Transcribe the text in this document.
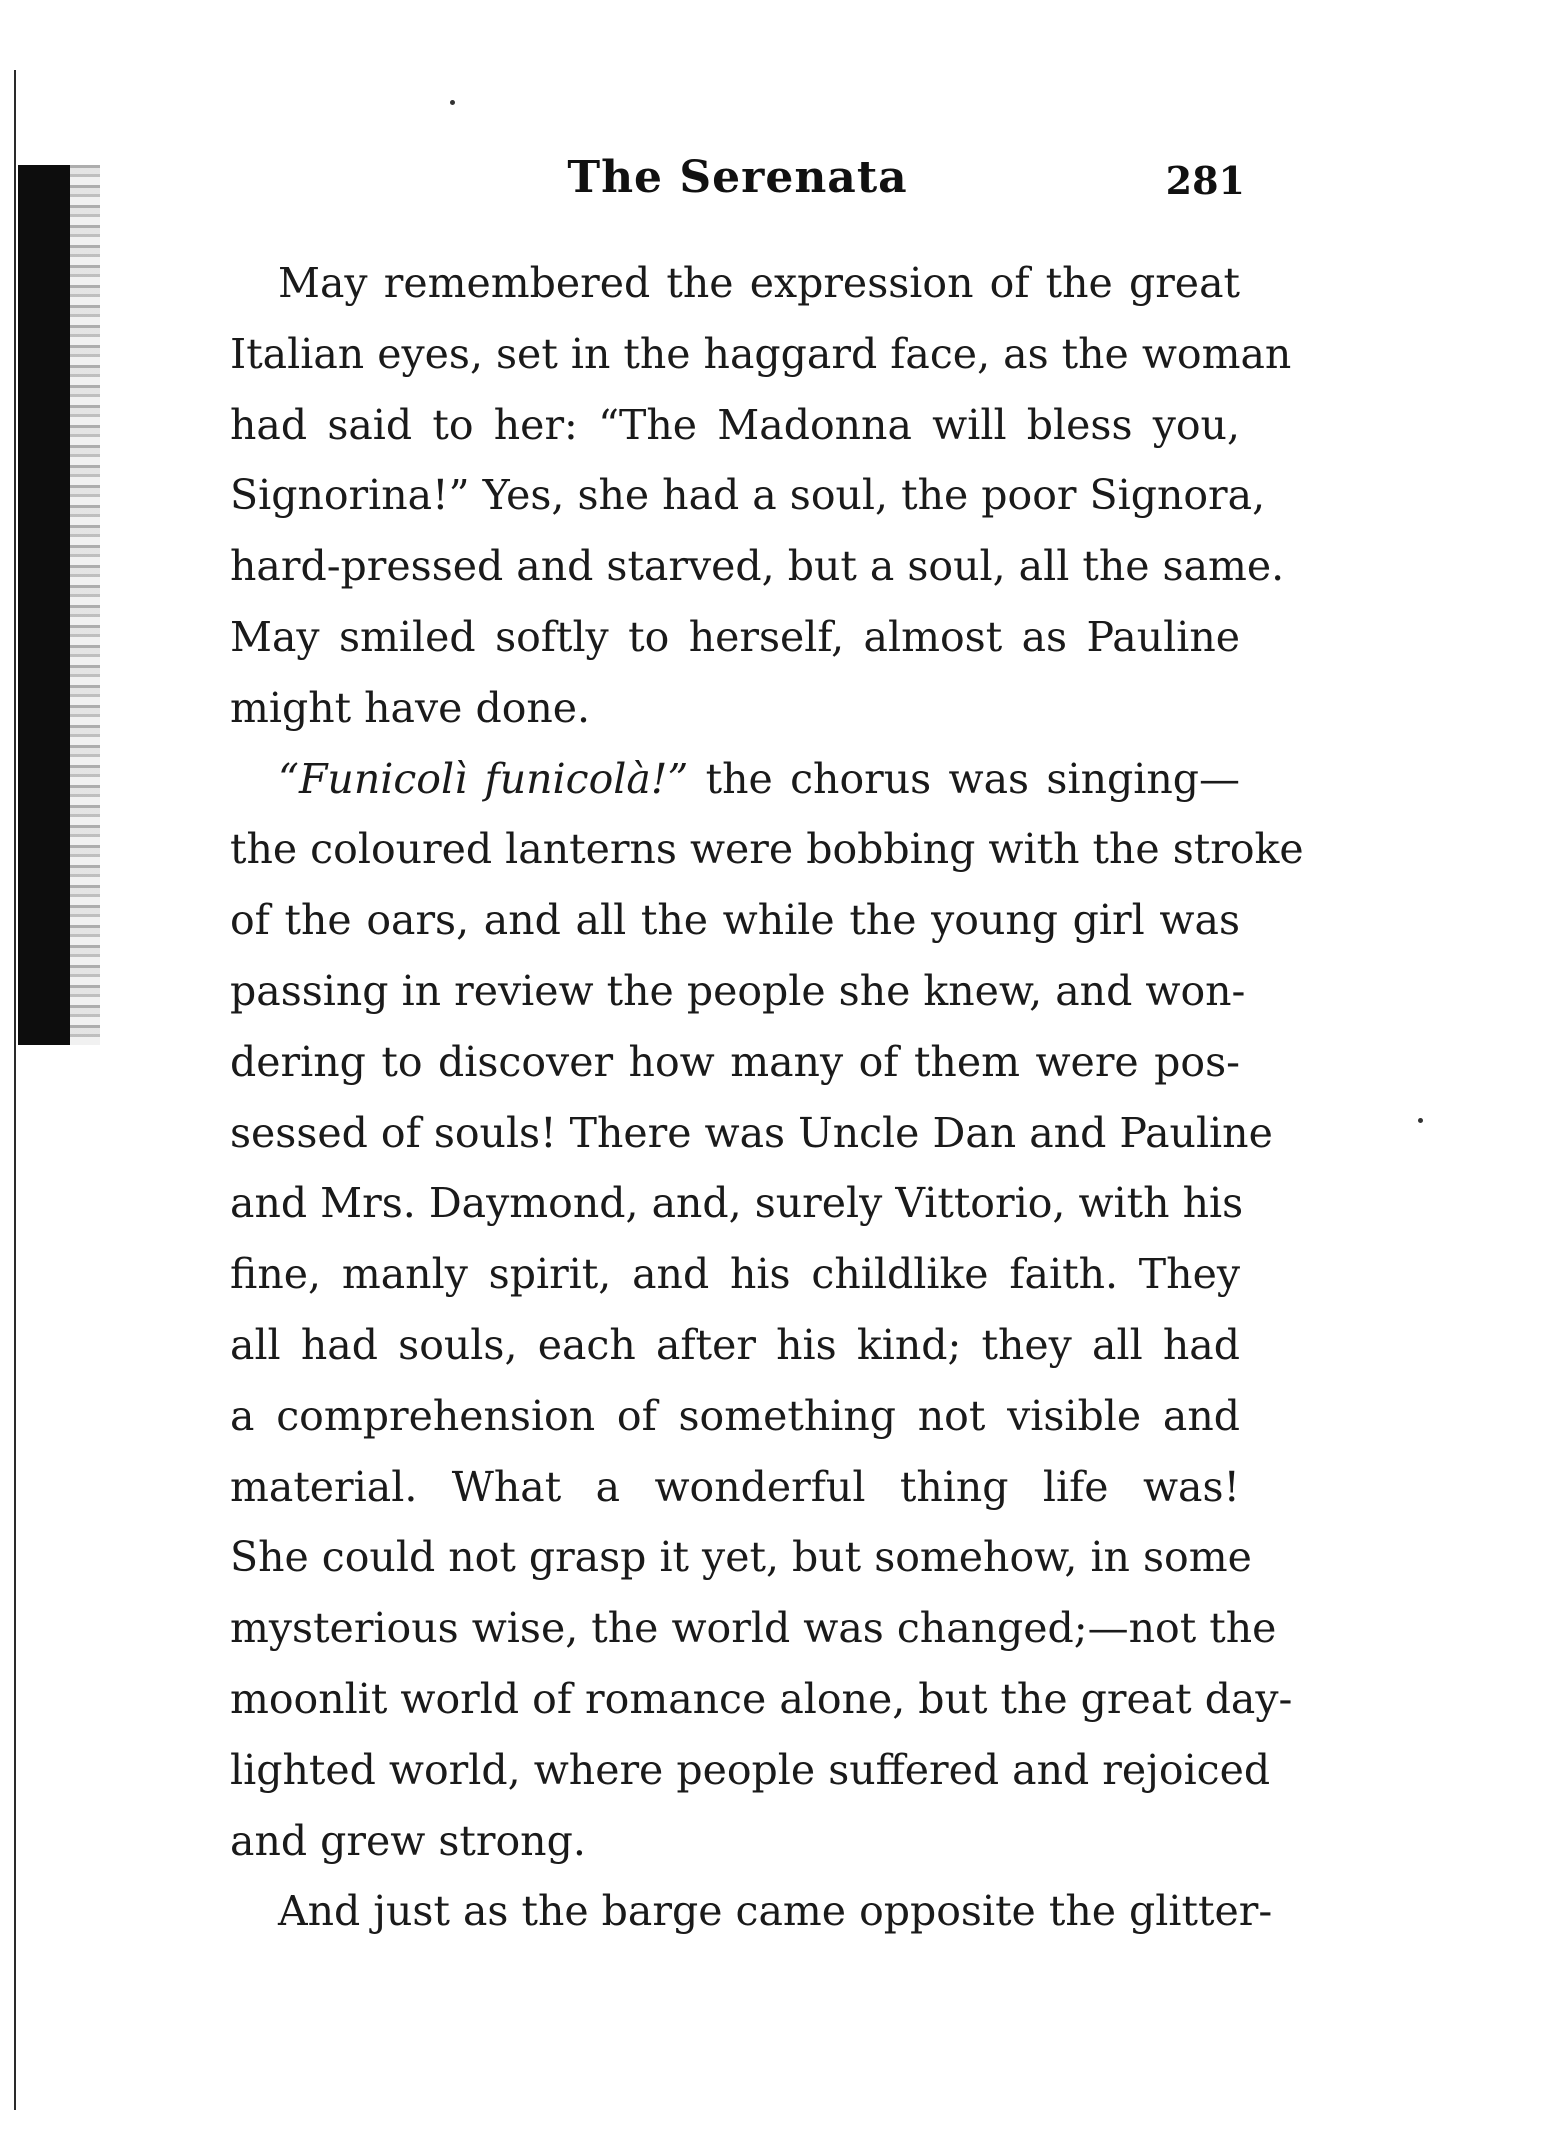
The Serenata	281
May remembered the expression of the great
Italian eyes, set in the haggard face, as the woman
had said to her: “The Madonna will bless you,
Signorina!” Yes, she had a soul, the poor Signora,
hard-pressed and starved, but a soul, all the same.
May smiled softly to herself, almost as Pauline
might have done.
“Funicolì funicolà!” the chorus was singing—
the coloured lanterns were bobbing with the stroke
of the oars, and all the while the young girl was
passing in review the people she knew, and won-
dering to discover how many of them were pos-
sessed of souls! There was Uncle Dan and Pauline
and Mrs. Daymond, and, surely Vittorio, with his
fine, manly spirit, and his childlike faith. They
all had souls, each after his kind; they all had
a comprehension of something not visible and
material. What a wonderful thing life was!
She could not grasp it yet, but somehow, in some
mysterious wise, the world was changed;—not the
moonlit world of romance alone, but the great day-
lighted world, where people suffered and rejoiced
and grew strong.
And just as the barge came opposite the glitter-
